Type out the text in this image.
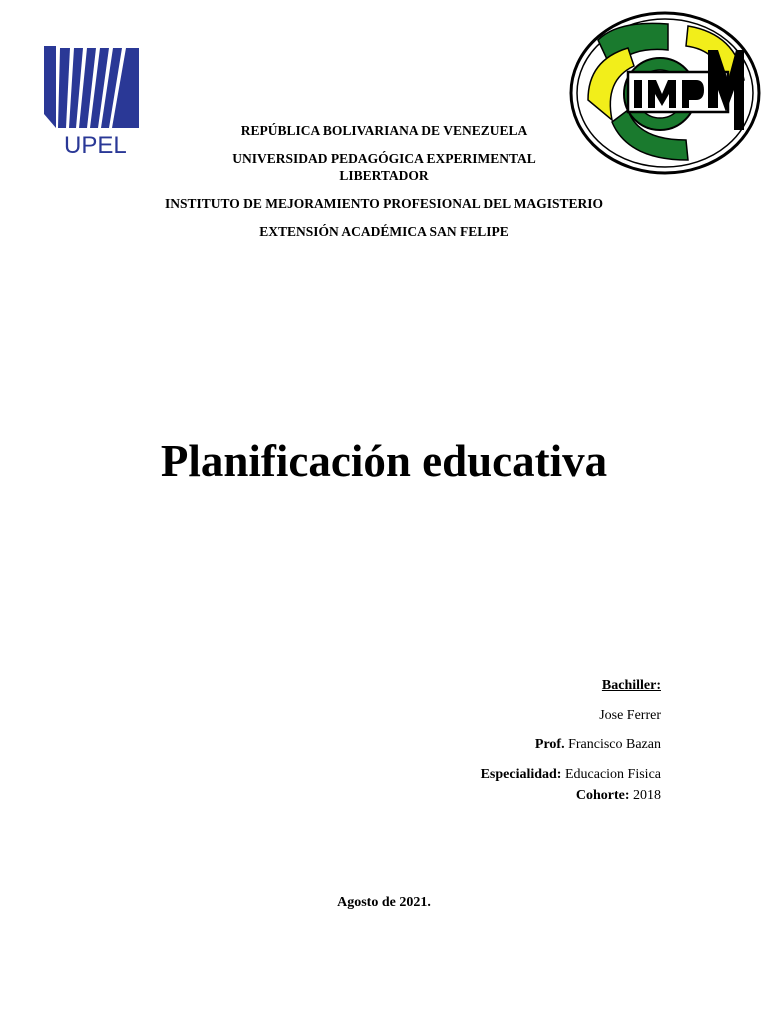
UPEL
REPÚBLICA BOLIVARIANA DE VENEZUELA
UNIVERSIDAD PEDAGÓGICA EXPERIMENTAL
LIBERTADOR
INSTITUTO DE MEJORAMIENTO PROFESIONAL DEL MAGISTERIO
EXTENSIÓN ACADÉMICA SAN FELIPE
Planificación educativa
Bachiller:
Jose Ferrer
Prof. Francisco Bazan
Especialidad: Educacion Fisica
Cohorte: 2018
Agosto de 2021.
